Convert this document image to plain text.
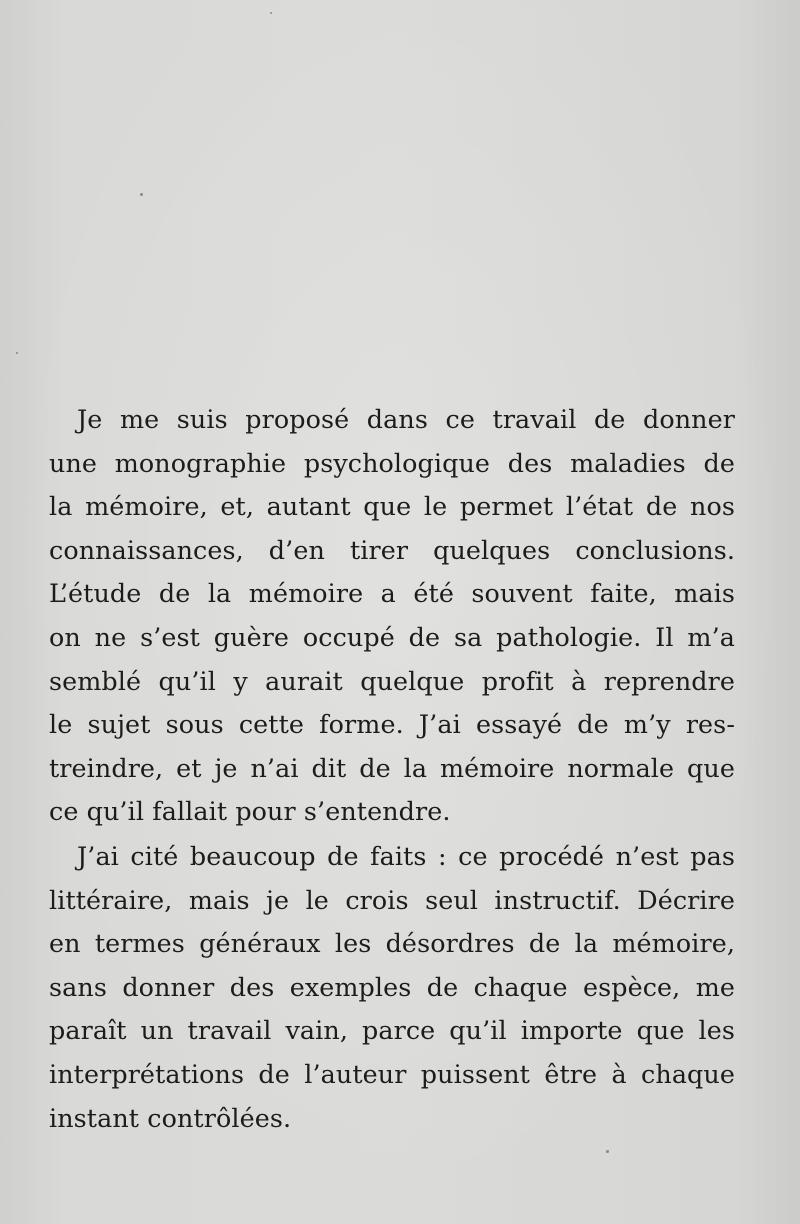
Je me suis proposé dans ce travail de donner
une monographie psychologique des maladies de
la mémoire, et, autant que le permet l’état de nos
connaissances, d’en tirer quelques conclusions.
L’étude de la mémoire a été souvent faite, mais
on ne s’est guère occupé de sa pathologie. Il m’a
semblé qu’il y aurait quelque profit à reprendre
le sujet sous cette forme. J’ai essayé de m’y res-
treindre, et je n’ai dit de la mémoire normale que
ce qu’il fallait pour s’entendre.
J’ai cité beaucoup de faits : ce procédé n’est pas
littéraire, mais je le crois seul instructif. Décrire
en termes généraux les désordres de la mémoire,
sans donner des exemples de chaque espèce, me
paraît un travail vain, parce qu’il importe que les
interprétations de l’auteur puissent être à chaque
instant contrôlées.
